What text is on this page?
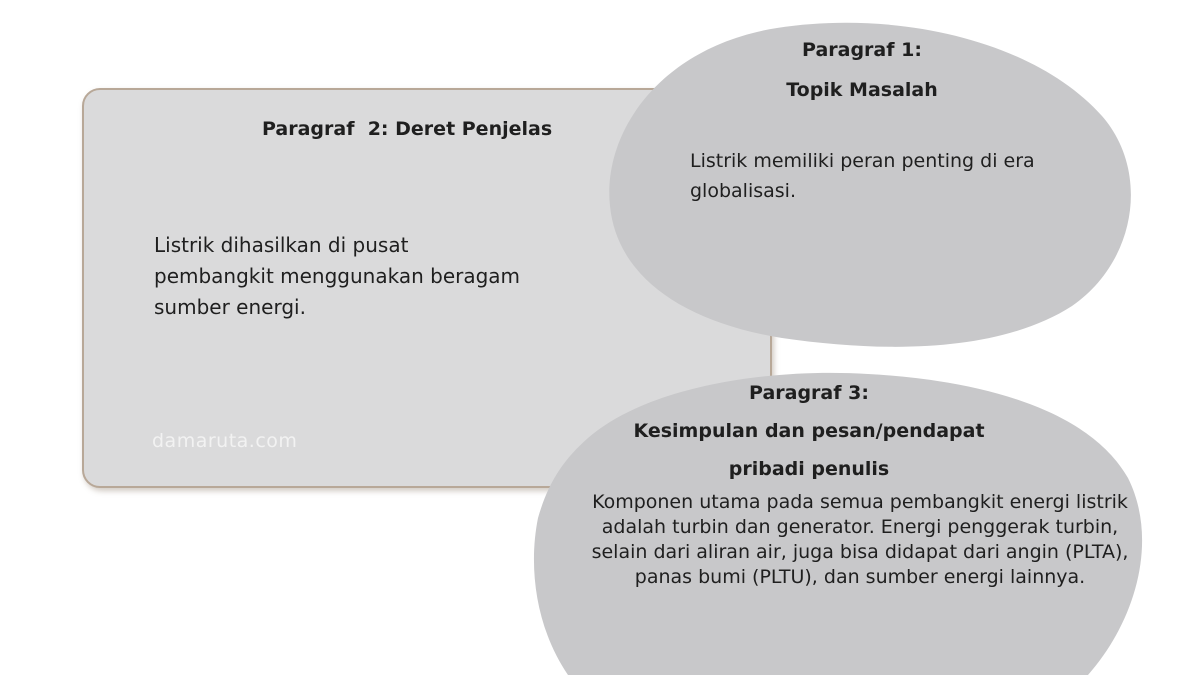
Paragraf  2: Deret Penjelas
Listrik dihasilkan di pusat pembangkit menggunakan beragam sumber energi.
damaruta.com
Paragraf 1:
Topik Masalah
Listrik memiliki peran penting di era globalisasi.
Paragraf 3:
Kesimpulan dan pesan/pendapat
pribadi penulis
Komponen utama pada semua pembangkit energi listrik adalah turbin dan generator. Energi penggerak turbin, selain dari aliran air, juga bisa didapat dari angin (PLTA), panas bumi (PLTU), dan sumber energi lainnya.
